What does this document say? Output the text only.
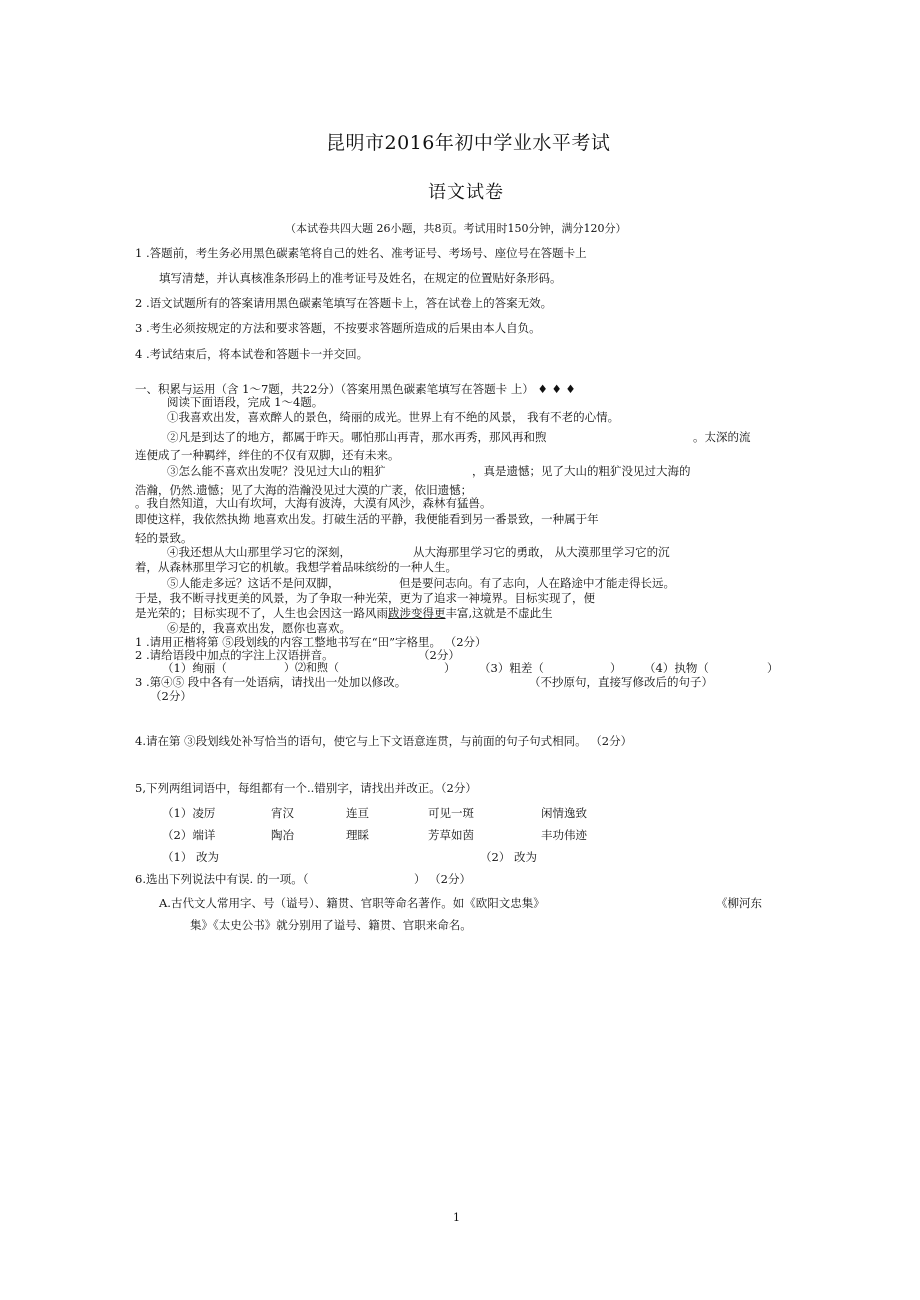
昆明市2016年初中学业水平考试
语文试卷
（本试卷共四大题 26小题，共8页。考试用时150分钟，满分120分）
1 .答题前，考生务必用黑色碳素笔将自己的姓名、准考证号、考场号、座位号在答题卡上
填写清楚，并认真核准条形码上的准考证号及姓名，在规定的位置贴好条形码。
2 .语文试题所有的答案请用黑色碳素笔填写在答题卡上，答在试卷上的答案无效。
3 .考生必须按规定的方法和要求答题，不按要求答题所造成的后果由本人自负。
4 .考试结束后，将本试卷和答题卡一并交回。
一、积累与运用（含 1〜7题，共22分）（答案用黑色碳素笔填写在答题卡 上） ♦ ♦ ♦
阅读下面语段，完成 1〜4题。
①我喜欢出发，喜欢醉人的景色，绮丽的成光。世界上有不绝的风景， 我有不老的心情。
②凡是到达了的地方，都属于昨天。哪怕那山再青，那水再秀，那风再和煦	。太深的流
连便成了一种羁绊，绊住的不仅有双脚，还有未来。
③怎么能不喜欢出发呢？没见过大山的粗犷	，真是遗憾；见了大山的粗犷没见过大海的
浩瀚，仍然.遗憾；见了大海的浩瀚没见过大漠的广袤，依旧遗憾；
。我自然知道，大山有坎坷，大海有波涛，大漠有风沙，森林有猛兽。
即使这样，我依然执拗 地喜欢出发。打破生活的平静，我便能看到另一番景致，一种属于年
轻的景致。
④我还想从大山那里学习它的深刻，	从大海那里学习它的勇敢， 从大漠那里学习它的沉
着，从森林那里学习它的机敏。我想学着品味缤纷的一种人生。
⑤人能走多远？这话不是问双脚，	但是要问志向。有了志向，人在路途中才能走得长远。
于是，我不断寻找更美的风景，为了争取一种光荣，更为了追求一神境界。目标实现了，便
是光荣的；目标实现不了，人生也会因这一路风雨跋涉变得更丰富,这就是不虚此生
⑥是的，我喜欢出发，愿你也喜欢。
1 .请用正楷将第 ⑤段划线的内容工整地书写在“田”字格里。 （2分）
2 .请给语段中加点的字注上汉语拼音。	（2分）
（1）绚丽（	）⑵和煦（	） （3）粗差（	） （4）执物（	）
3 .第④⑤ 段中各有一处语病，请找出一处加以修改。	（不抄原句，直接写修改后的句子）
（2分）
4.请在第 ③段划线处补写恰当的语句，使它与上下文语意连贯，与前面的句子句式相同。 （2分）
5,下列两组词语中，每组都有一个..错别字，请找出并改正。（2分）
（1）凌厉	宵汉	连亘	可见一斑	闲情逸致
（2）端详	陶冶	理睬	芳草如茵	丰功伟迹
（1） 改为	（2） 改为
6.选出下列说法中有误. 的一项。（	） （2分）
A.古代文人常用字、号（谥号）、籍贯、官职等命名著作。如《欧阳文忠集》	《柳河东
集》《太史公书》就分别用了谥号、籍贯、官职来命名。
1
